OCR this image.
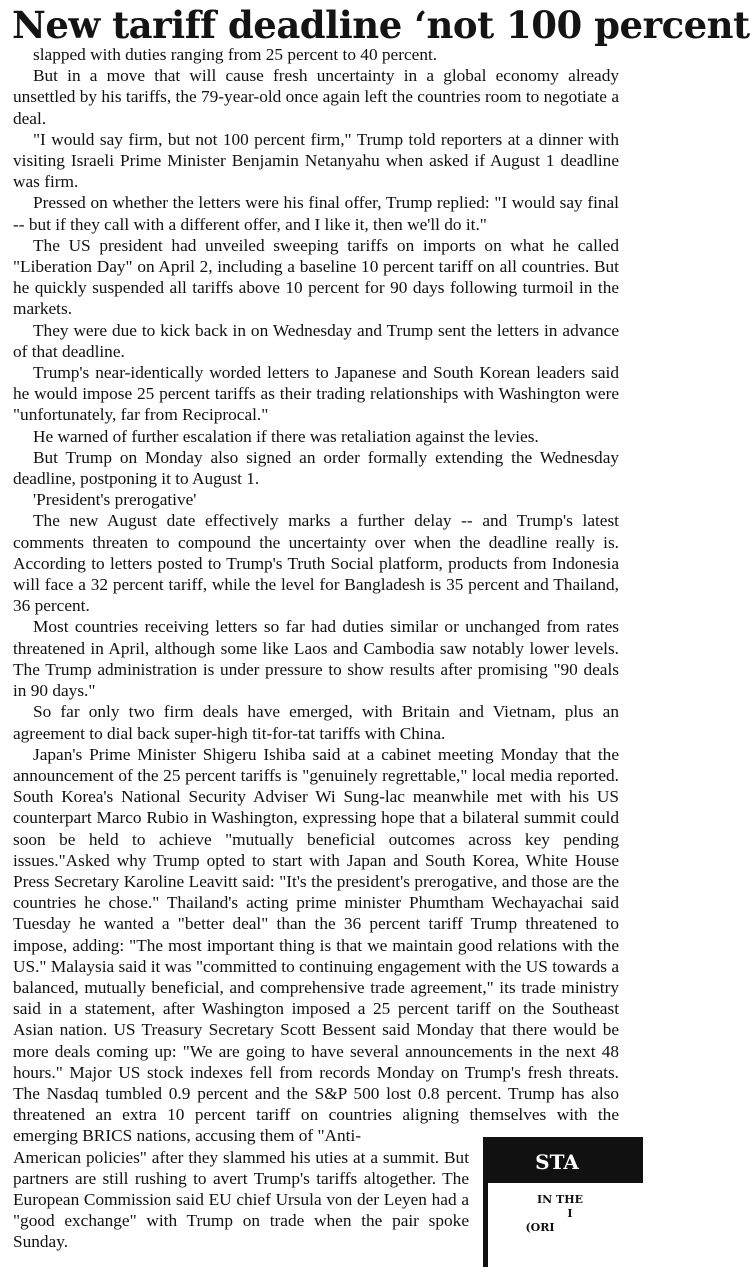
New tariff deadline ‘not 100 percent

slapped with duties ranging from 25 percent to 40 percent.

But in a move that will cause fresh uncertainty in a global economy already unsettled by his tariffs, the 79-year-old once again left the countries room to negotiate a deal.

"I would say firm, but not 100 percent firm," Trump told reporters at a dinner with visiting Israeli Prime Minister Benjamin Netanyahu when asked if August 1 deadline was firm.

Pressed on whether the letters were his final offer, Trump replied: "I would say final -- but if they call with a different offer, and I like it, then we'll do it."

The US president had unveiled sweeping tariffs on imports on what he called "Liberation Day" on April 2, including a baseline 10 percent tariff on all countries. But he quickly suspended all tariffs above 10 percent for 90 days following turmoil in the markets.

They were due to kick back in on Wednesday and Trump sent the letters in advance of that deadline.

Trump's near-identically worded letters to Japanese and South Korean leaders said he would impose 25 percent tariffs as their trading relationships with Washington were "unfortunately, far from Reciprocal."

He warned of further escalation if there was retaliation against the levies.

But Trump on Monday also signed an order formally extending the Wednesday deadline, postponing it to August 1.

'President's prerogative'

The new August date effectively marks a further delay -- and Trump's latest comments threaten to compound the uncertainty over when the deadline really is. According to letters posted to Trump's Truth Social platform, products from Indonesia will face a 32 percent tariff, while the level for Bangladesh is 35 percent and Thailand, 36 percent.

Most countries receiving letters so far had duties similar or unchanged from rates threatened in April, although some like Laos and Cambodia saw notably lower levels. The Trump administration is under pressure to show results after promising "90 deals in 90 days."

So far only two firm deals have emerged, with Britain and Vietnam, plus an agreement to dial back super-high tit-for-tat tariffs with China.

Japan's Prime Minister Shigeru Ishiba said at a cabinet meeting Monday that the announcement of the 25 percent tariffs is "genuinely regrettable," local media reported. South Korea's National Security Adviser Wi Sung-lac meanwhile met with his US counterpart Marco Rubio in Washington, expressing hope that a bilateral summit could soon be held to achieve "mutually beneficial outcomes across key pending issues."Asked why Trump opted to start with Japan and South Korea, White House Press Secretary Karoline Leavitt said: "It's the president's prerogative, and those are the countries he chose." Thailand's acting prime minister Phumtham Wechayachai said Tuesday he wanted a "better deal" than the 36 percent tariff Trump threatened to impose, adding: "The most important thing is that we maintain good relations with the US." Malaysia said it was "committed to continuing engagement with the US towards a balanced, mutually beneficial, and comprehensive trade agreement," its trade ministry said in a statement, after Washington imposed a 25 percent tariff on the Southeast Asian nation. US Treasury Secretary Scott Bessent said Monday that there would be more deals coming up: "We are going to have several announcements in the next 48 hours." Major US stock indexes fell from records Monday on Trump's fresh threats. The Nasdaq tumbled 0.9 percent and the S&P 500 lost 0.8 percent. Trump has also threatened an extra 10 percent tariff on countries aligning themselves with the emerging BRICS nations, accusing them of "Anti-

American policies" after they slammed his uties at a summit. But partners are still rushing to avert Trump's tariffs altogether. The European Commission said EU chief Ursula von der Leyen had a "good exchange" with Trump on trade when the pair spoke Sunday.

STA
IN THE
I
(ORI
